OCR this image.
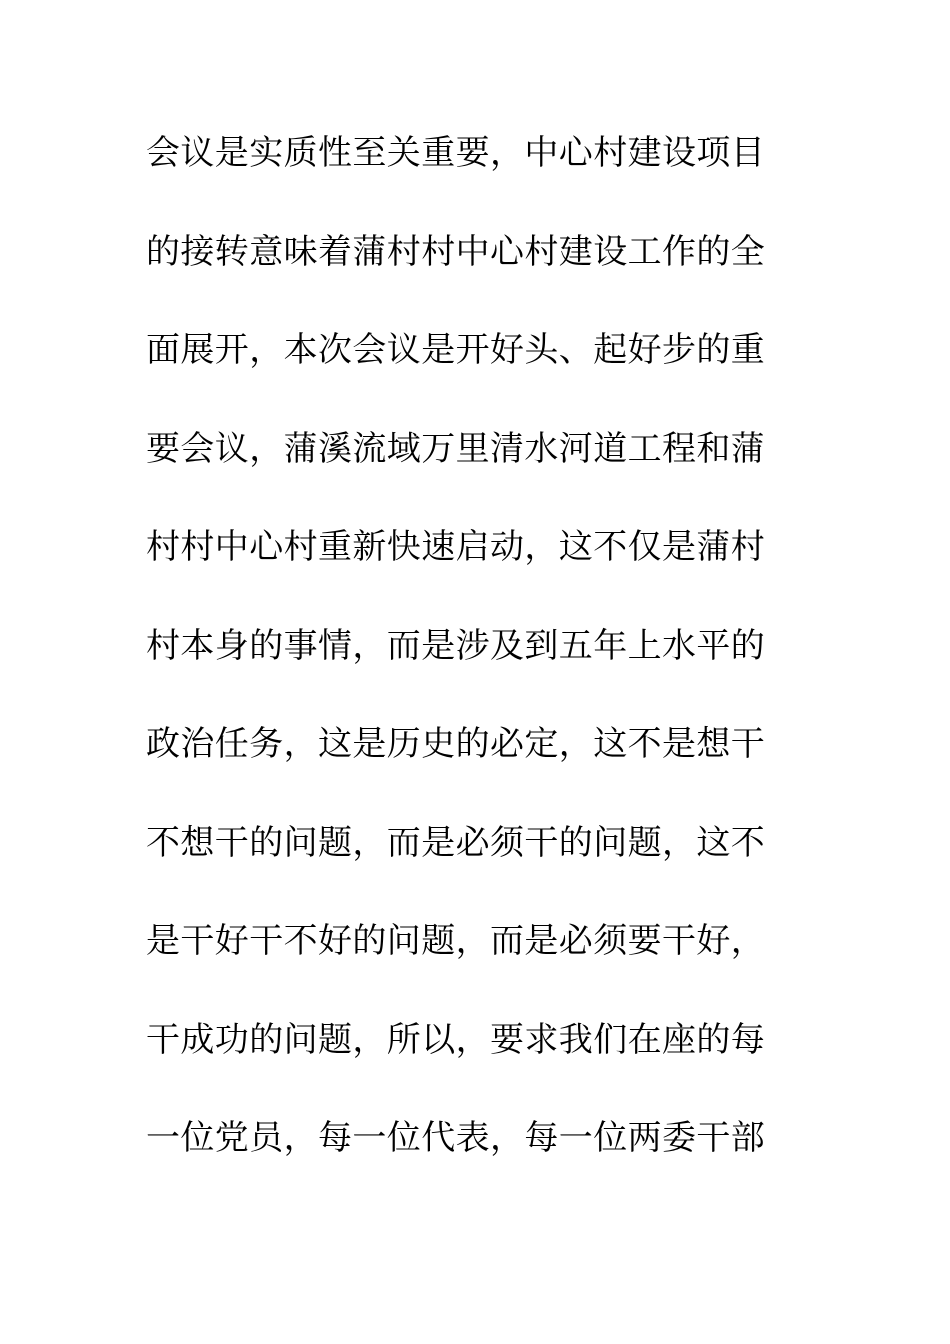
会议是实质性至关重要，中心村建设项目
的接转意味着蒲村村中心村建设工作的全
面展开，本次会议是开好头、起好步的重
要会议，蒲溪流域万里清水河道工程和蒲
村村中心村重新快速启动，这不仅是蒲村
村本身的事情，而是涉及到五年上水平的
政治任务，这是历史的必定，这不是想干
不想干的问题，而是必须干的问题，这不
是干好干不好的问题，而是必须要干好，
干成功的问题，所以，要求我们在座的每
一位党员，每一位代表，每一位两委干部
